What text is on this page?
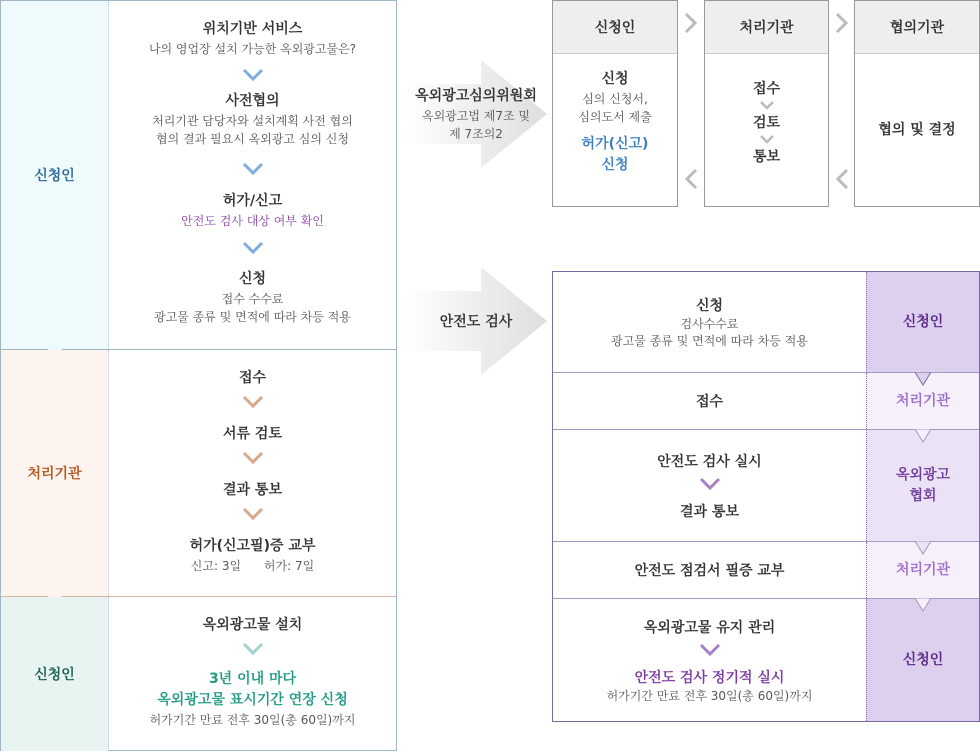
신청인
위치기반 서비스
나의 영업장 설치 가능한 옥외광고물은?
사전협의
처리기관 담당자와 설치계획 사전 협의
협의 결과 필요시 옥외광고 심의 신청
허가/신고
안전도 검사 대상 여부 확인
신청
접수 수수료
광고물 종류 및 면적에 따라 차등 적용
처리기관
접수
서류 검토
결과 통보
허가(신고필)증 교부
신고: 3일      허가: 7일
신청인
옥외광고물 설치
3년 이내 마다
옥외광고물 표시기간 연장 신청
허가기간 만료 전후 30일(총 60일)까지
옥외광고심의위원회
옥외광고법 제7조 및
제 7조의2
안전도 검사
신청인
신청
심의 신청서,
심의도서 제출
허가(신고)
신청
처리기관
접수
검토
통보
협의기관
협의 및 결정
신청
검사수수료
광고물 종류 및 면적에 따라 차등 적용
신청인
접수	처리기관
안전도 검사 실시
결과 통보
옥외광고
협회
안전도 점검서 필증 교부	처리기관
옥외광고물 유지 관리
안전도 검사 정기적 실시
허가기간 만료 전후 30일(총 60일)까지
신청인
